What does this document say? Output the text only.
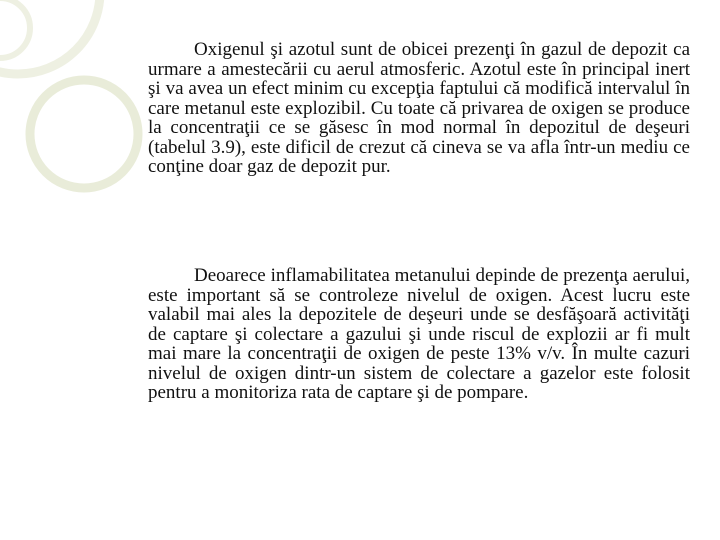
Oxigenul şi azotul sunt de obicei prezenţi în gazul de depozit ca urmare a amestecării cu aerul atmosferic. Azotul este în principal inert şi va avea un efect minim cu excepţia faptului că modifică intervalul în care metanul este explozibil. Cu toate că privarea de oxigen se produce la concentraţii ce se găsesc în mod normal în depozitul de deşeuri (tabelul 3.9), este dificil de crezut că cineva se va afla într-un mediu ce conţine doar gaz de depozit pur.

Deoarece inflamabilitatea metanului depinde de prezenţa aerului, este important să se controleze nivelul de oxigen. Acest lucru este valabil mai ales la depozitele de deşeuri unde se desfăşoară activităţi de captare şi colectare a gazului şi unde riscul de explozii ar fi mult mai mare la concentraţii de oxigen de peste 13% v/v. În multe cazuri nivelul de oxigen dintr-un sistem de colectare a gazelor este folosit pentru a monitoriza rata de captare şi de pompare.
